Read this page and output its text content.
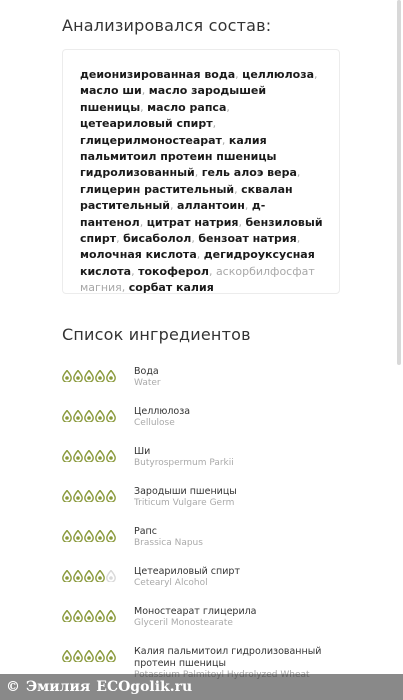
Анализировался состав:
деионизированная вода, целлюлоза, масло ши, масло зародышей пшеницы, масло рапса, цетеариловый спирт, глицерилмоностеарат, калия пальмитоил протеин пшеницы гидролизованный, гель алоэ вера, глицерин растительный, сквалан растительный, аллантоин, д-пантенол, цитрат натрия, бензиловый спирт, бисаболол, бензоат натрия, молочная кислота, дегидроуксусная кислота, токоферол, аскорбилфосфат магния, сорбат калия
Список ингредиентов
Вода
Water
Целлюлоза
Cellulose
Ши
Butyrospermum Parkii
Зародыши пшеницы
Triticum Vulgare Germ
Рапс
Brassica Napus
Цетеариловый спирт
Cetearyl Alcohol
Моностеарат глицерила
Glyceril Monostearate
Калия пальмитоил гидролизованный протеин пшеницы
© Эмилия ECOgolik.ru
